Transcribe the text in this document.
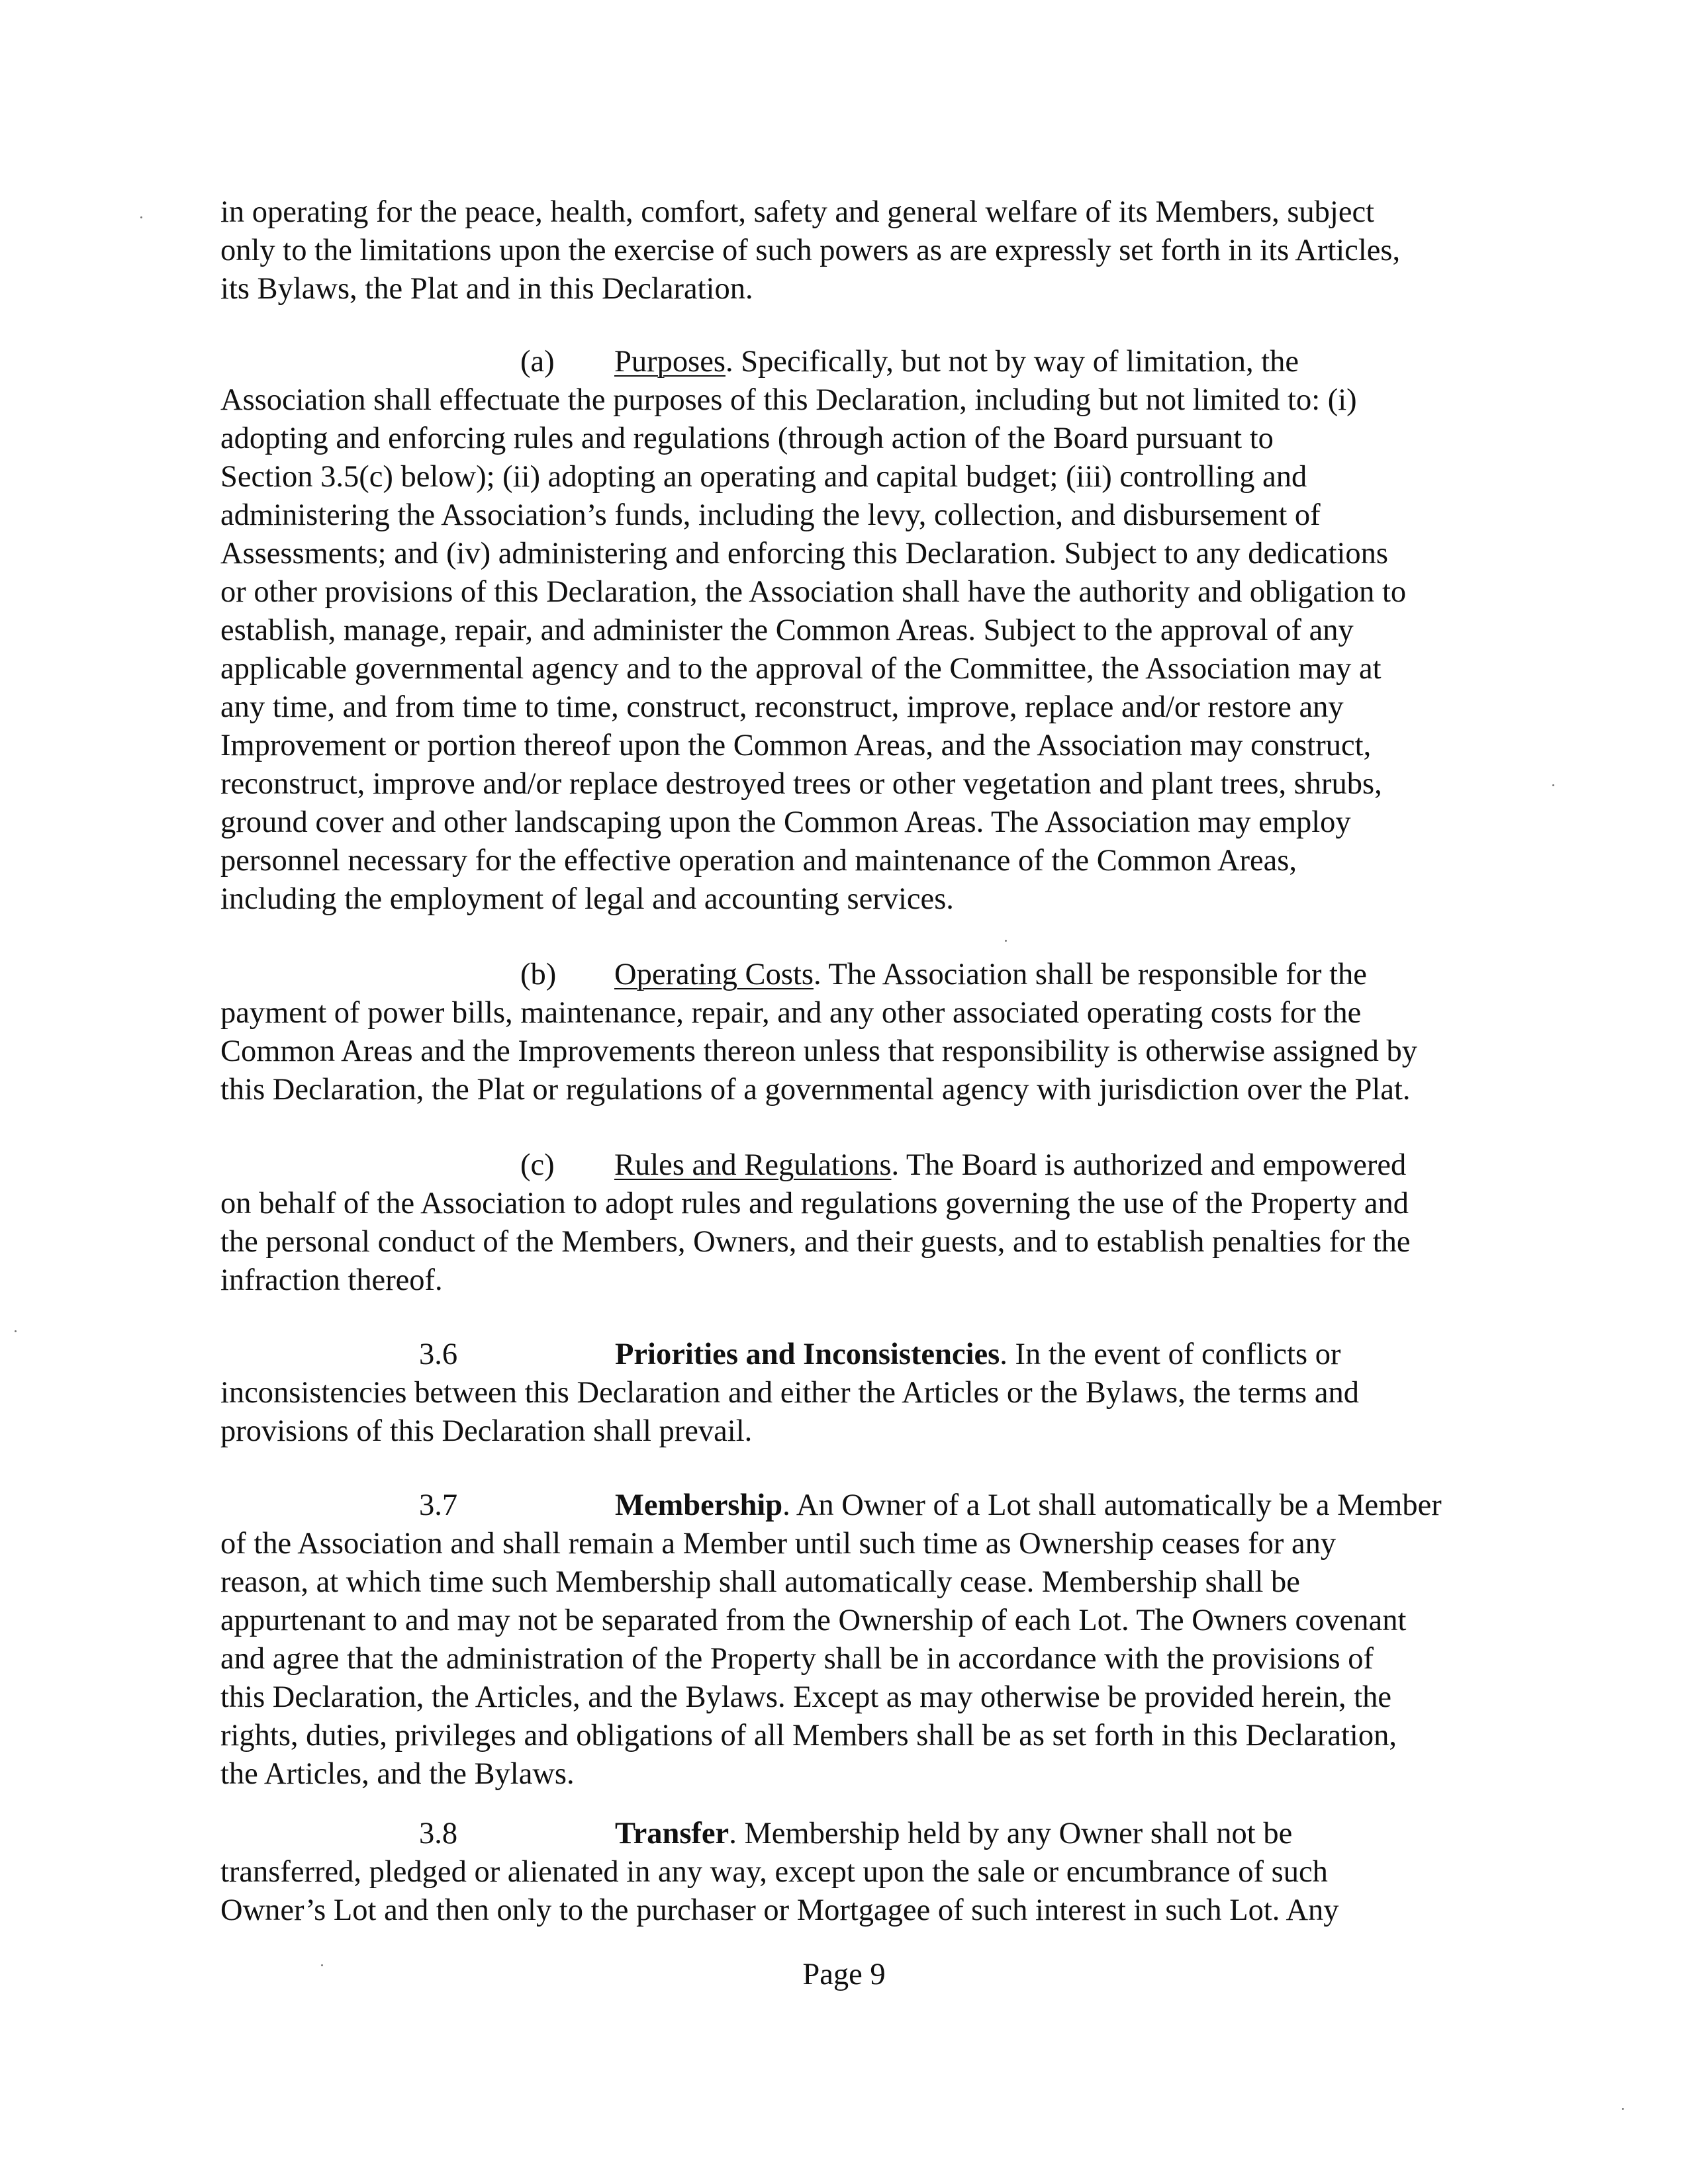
in operating for the peace, health, comfort, safety and general welfare of its Members, subject
only to the limitations upon the exercise of such powers as are expressly set forth in its Articles,
its Bylaws, the Plat and in this Declaration.
(a) Purposes. Specifically, but not by way of limitation, the
Association shall effectuate the purposes of this Declaration, including but not limited to: (i)
adopting and enforcing rules and regulations (through action of the Board pursuant to
Section 3.5(c) below); (ii) adopting an operating and capital budget; (iii) controlling and
administering the Association’s funds, including the levy, collection, and disbursement of
Assessments; and (iv) administering and enforcing this Declaration. Subject to any dedications
or other provisions of this Declaration, the Association shall have the authority and obligation to
establish, manage, repair, and administer the Common Areas. Subject to the approval of any
applicable governmental agency and to the approval of the Committee, the Association may at
any time, and from time to time, construct, reconstruct, improve, replace and/or restore any
Improvement or portion thereof upon the Common Areas, and the Association may construct,
reconstruct, improve and/or replace destroyed trees or other vegetation and plant trees, shrubs,
ground cover and other landscaping upon the Common Areas. The Association may employ
personnel necessary for the effective operation and maintenance of the Common Areas,
including the employment of legal and accounting services.
(b) Operating Costs. The Association shall be responsible for the
payment of power bills, maintenance, repair, and any other associated operating costs for the
Common Areas and the Improvements thereon unless that responsibility is otherwise assigned by
this Declaration, the Plat or regulations of a governmental agency with jurisdiction over the Plat.
(c) Rules and Regulations. The Board is authorized and empowered
on behalf of the Association to adopt rules and regulations governing the use of the Property and
the personal conduct of the Members, Owners, and their guests, and to establish penalties for the
infraction thereof.
3.6	Priorities and Inconsistencies. In the event of conflicts or
inconsistencies between this Declaration and either the Articles or the Bylaws, the terms and
provisions of this Declaration shall prevail.
3.7	Membership. An Owner of a Lot shall automatically be a Member
of the Association and shall remain a Member until such time as Ownership ceases for any
reason, at which time such Membership shall automatically cease. Membership shall be
appurtenant to and may not be separated from the Ownership of each Lot. The Owners covenant
and agree that the administration of the Property shall be in accordance with the provisions of
this Declaration, the Articles, and the Bylaws. Except as may otherwise be provided herein, the
rights, duties, privileges and obligations of all Members shall be as set forth in this Declaration,
the Articles, and the Bylaws.
3.8	Transfer. Membership held by any Owner shall not be
transferred, pledged or alienated in any way, except upon the sale or encumbrance of such
Owner’s Lot and then only to the purchaser or Mortgagee of such interest in such Lot. Any
Page 9
